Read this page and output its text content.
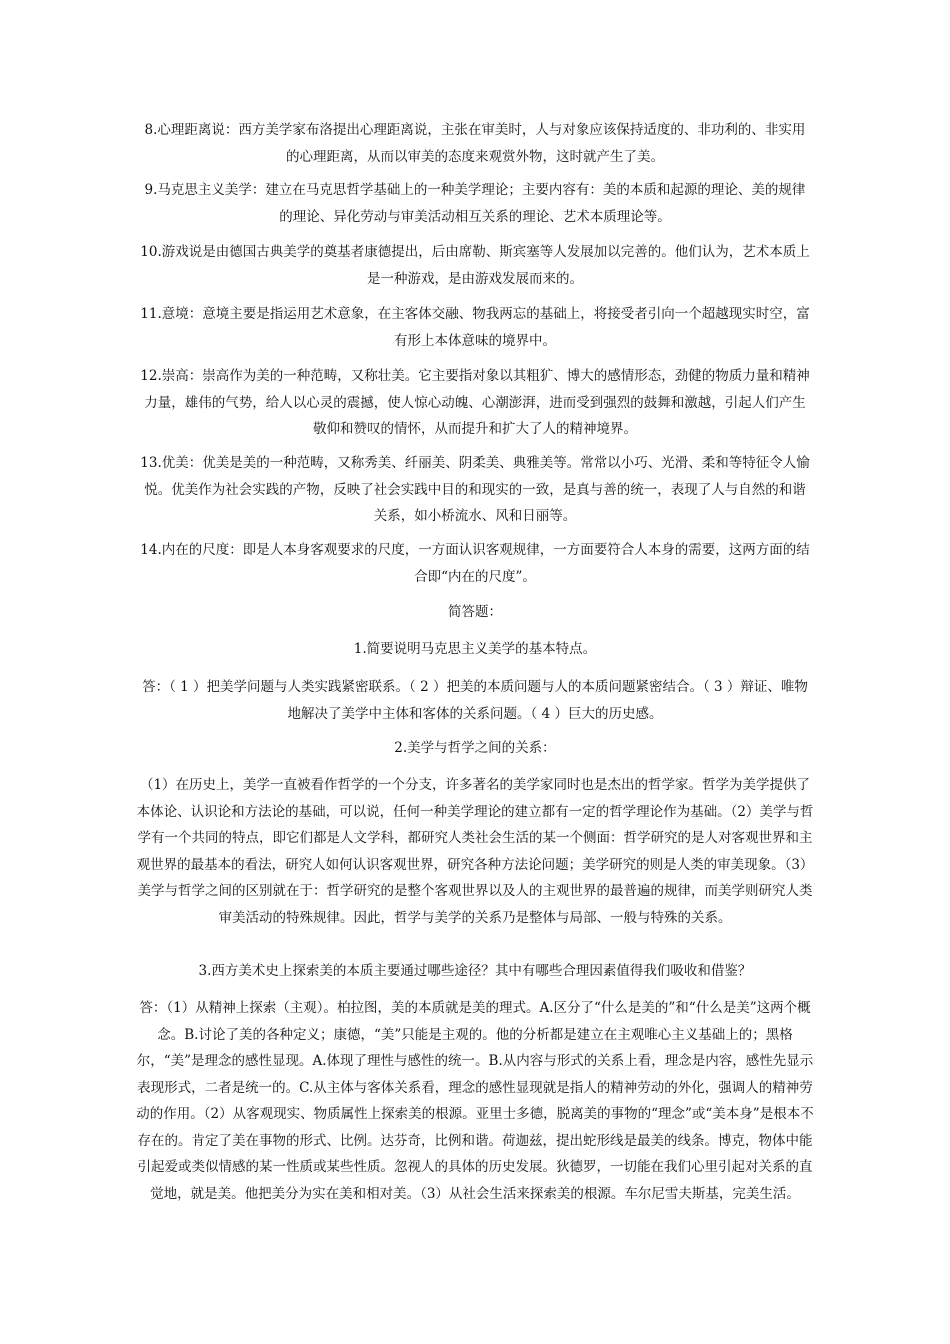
8.心理距离说：西方美学家布洛提出心理距离说，主张在审美时，人与对象应该保持适度的、非功利的、非实用的心理距离，从而以审美的态度来观赏外物，这时就产生了美。

9.马克思主义美学：建立在马克思哲学基础上的一种美学理论；主要内容有：美的本质和起源的理论、美的规律的理论、异化劳动与审美活动相互关系的理论、艺术本质理论等。

10.游戏说是由德国古典美学的奠基者康德提出，后由席勒、斯宾塞等人发展加以完善的。他们认为，艺术本质上是一种游戏，是由游戏发展而来的。

11.意境：意境主要是指运用艺术意象，在主客体交融、物我两忘的基础上，将接受者引向一个超越现实时空，富有形上本体意味的境界中。

12.崇高：崇高作为美的一种范畴，又称壮美。它主要指对象以其粗犷、博大的感情形态，劲健的物质力量和精神力量，雄伟的气势，给人以心灵的震撼，使人惊心动魄、心潮澎湃，进而受到强烈的鼓舞和激越，引起人们产生敬仰和赞叹的情怀，从而提升和扩大了人的精神境界。

13.优美：优美是美的一种范畴，又称秀美、纤丽美、阴柔美、典雅美等。常常以小巧、光滑、柔和等特征令人愉悦。优美作为社会实践的产物，反映了社会实践中目的和现实的一致，是真与善的统一，表现了人与自然的和谐关系，如小桥流水、风和日丽等。

14.内在的尺度：即是人本身客观要求的尺度，一方面认识客观规律，一方面要符合人本身的需要，这两方面的结合即“内在的尺度”。

简答题：

1.简要说明马克思主义美学的基本特点。

答：（ 1 ）把美学问题与人类实践紧密联系。（ 2 ）把美的本质问题与人的本质问题紧密结合。（ 3 ）辩证、唯物地解决了美学中主体和客体的关系问题。（ 4 ）巨大的历史感。

2.美学与哲学之间的关系：

（1）在历史上，美学一直被看作哲学的一个分支，许多著名的美学家同时也是杰出的哲学家。哲学为美学提供了本体论、认识论和方法论的基础，可以说，任何一种美学理论的建立都有一定的哲学理论作为基础。（2）美学与哲学有一个共同的特点，即它们都是人文学科，都研究人类社会生活的某一个侧面：哲学研究的是人对客观世界和主观世界的最基本的看法，研究人如何认识客观世界，研究各种方法论问题；美学研究的则是人类的审美现象。（3）美学与哲学之间的区别就在于：哲学研究的是整个客观世界以及人的主观世界的最普遍的规律，而美学则研究人类审美活动的特殊规律。因此，哲学与美学的关系乃是整体与局部、一般与特殊的关系。

3.西方美术史上探索美的本质主要通过哪些途径？其中有哪些合理因素值得我们吸收和借鉴？

答：（1）从精神上探索（主观）。柏拉图，美的本质就是美的理式。A.区分了“什么是美的”和“什么是美”这两个概念。B.讨论了美的各种定义；康德，“美”只能是主观的。他的分析都是建立在主观唯心主义基础上的；黑格尔，“美”是理念的感性显现。A.体现了理性与感性的统一。B.从内容与形式的关系上看，理念是内容，感性先显示表现形式，二者是统一的。C.从主体与客体关系看，理念的感性显现就是指人的精神劳动的外化，强调人的精神劳动的作用。（2）从客观现实、物质属性上探索美的根源。亚里士多德，脱离美的事物的“理念”或“美本身”是根本不存在的。肯定了美在事物的形式、比例。达芬奇，比例和谐。荷迦兹，提出蛇形线是最美的线条。博克，物体中能引起爱或类似情感的某一性质或某些性质。忽视人的具体的历史发展。狄德罗，一切能在我们心里引起对关系的直觉地，就是美。他把美分为实在美和相对美。（3）从社会生活来探索美的根源。车尔尼雪夫斯基，完美生活。
